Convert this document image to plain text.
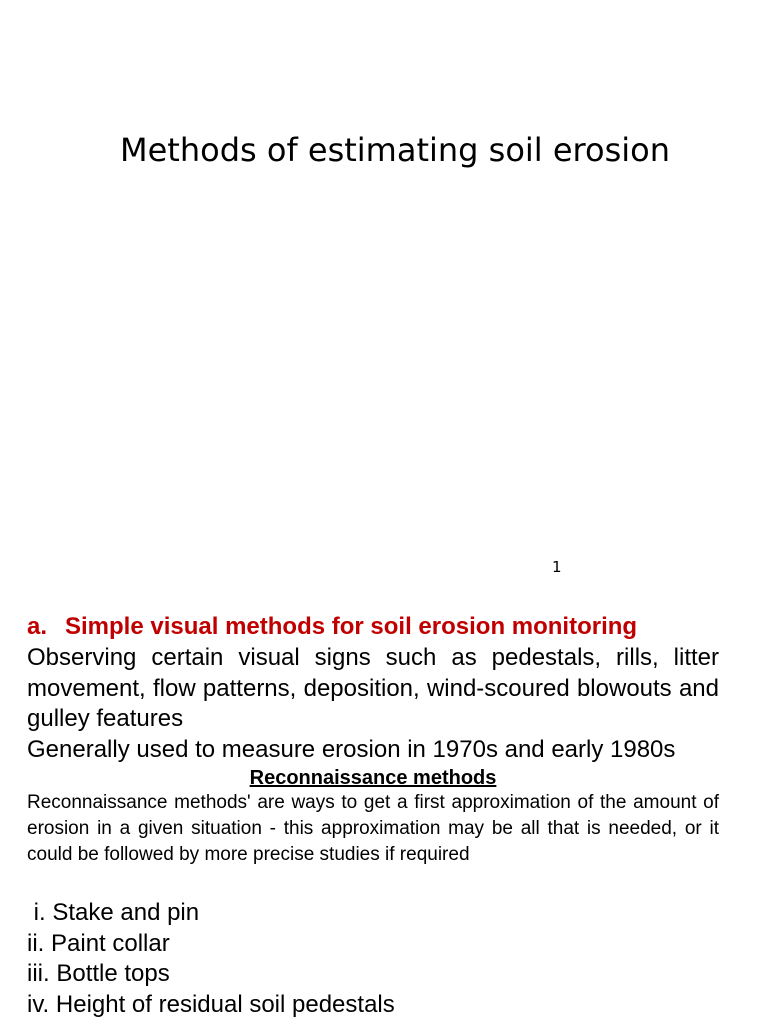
Methods of estimating soil erosion
1
a. Simple visual methods for soil erosion monitoring
Observing certain visual signs such as pedestals, rills, litter movement, flow patterns, deposition, wind-scoured blowouts and gulley features
Generally used to measure erosion in 1970s and early 1980s
Reconnaissance methods
Reconnaissance methods' are ways to get a first approximation of the amount of erosion in a given situation - this approximation may be all that is needed, or it could be followed by more precise studies if required
i. Stake and pin
ii. Paint collar
iii. Bottle tops
iv. Height of residual soil pedestals
